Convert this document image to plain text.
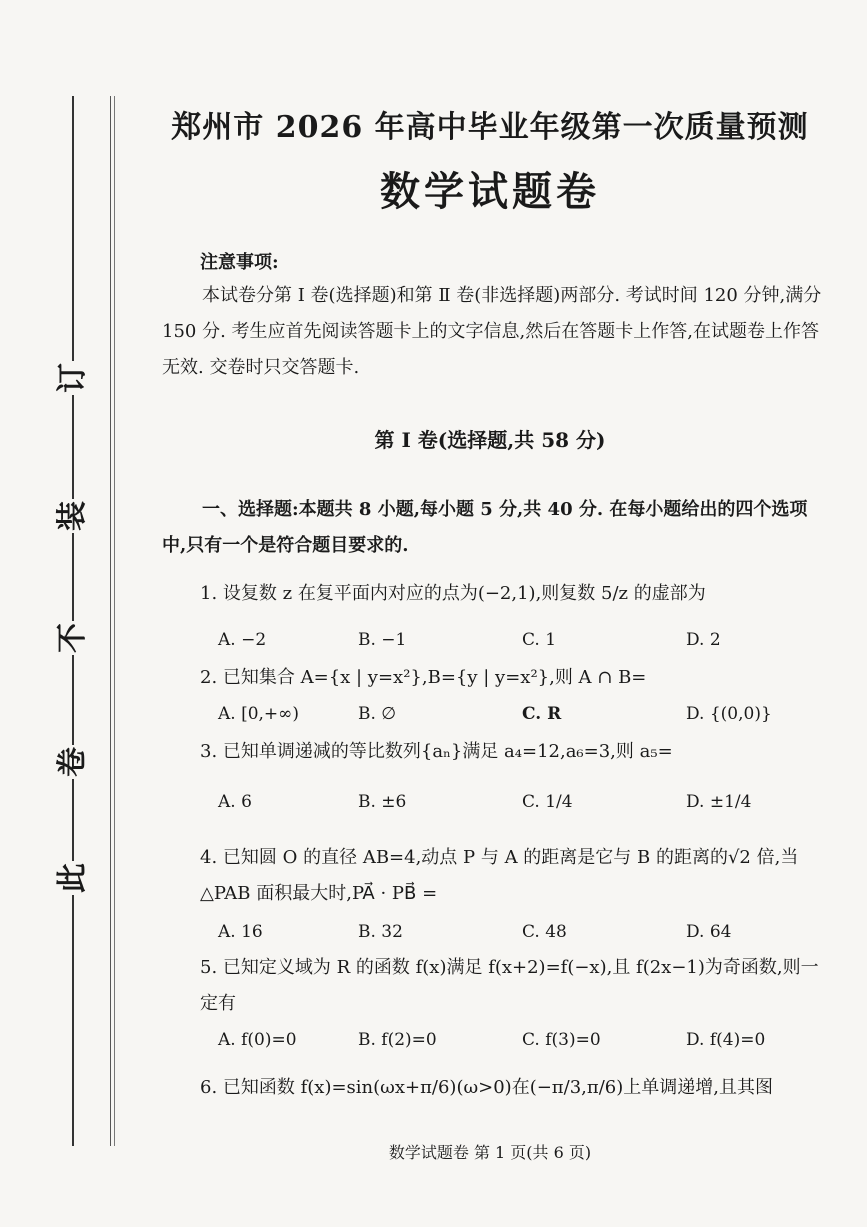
订
装
不
卷
此
郑州市 2026 年高中毕业年级第一次质量预测
数学试题卷
注意事项:
本试卷分第 Ⅰ 卷(选择题)和第 Ⅱ 卷(非选择题)两部分. 考试时间 120 分钟,满分 150 分. 考生应首先阅读答题卡上的文字信息,然后在答题卡上作答,在试题卷上作答无效. 交卷时只交答题卡.
第 Ⅰ 卷(选择题,共 58 分)
一、选择题:本题共 8 小题,每小题 5 分,共 40 分. 在每小题给出的四个选项中,只有一个是符合题目要求的.
1. 设复数 z 在复平面内对应的点为(−2,1),则复数 5/z 的虚部为
A. −2	B. −1	C. 1	D. 2
2. 已知集合 A={x | y=x²},B={y | y=x²},则 A ∩ B=
A. [0,+∞)	B. ∅	C. R	D. {(0,0)}
3. 已知单调递减的等比数列{aₙ}满足 a₄=12,a₆=3,则 a₅=
A. 6	B. ±6	C. 1/4	D. ±1/4
4. 已知圆 O 的直径 AB=4,动点 P 与 A 的距离是它与 B 的距离的√2 倍,当△PAB 面积最大时,PA⃗ · PB⃗ =
A. 16	B. 32	C. 48	D. 64
5. 已知定义域为 R 的函数 f(x)满足 f(x+2)=f(−x),且 f(2x−1)为奇函数,则一定有
A. f(0)=0	B. f(2)=0	C. f(3)=0	D. f(4)=0
6. 已知函数 f(x)=sin(ωx+π/6)(ω>0)在(−π/3,π/6)上单调递增,且其图
数学试题卷 第 1 页(共 6 页)
